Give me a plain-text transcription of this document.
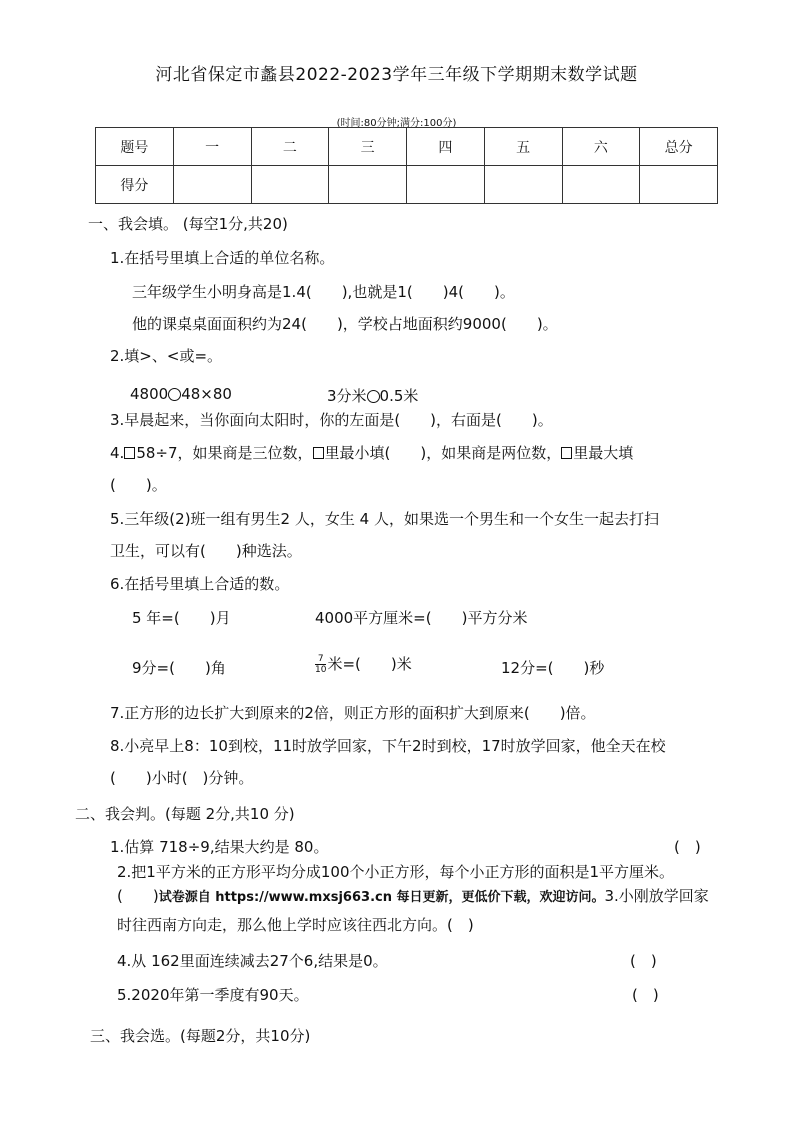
河北省保定市蠡县2022-2023学年三年级下学期期末数学试题
(时间:80分钟;满分:100分)
题号	一	二	三	四	五	六	总分
得分							
一、我会填。 (每空1分,共20)
1.在括号里填上合适的单位名称。
三年级学生小明身高是1.4(　　),也就是1(　　)4(　　)。
他的课桌桌面面积约为24(　　)，学校占地面积约9000(　　)。
2.填>、<或=。
4800 48×80	3分米 0.5米
3.早晨起来，当你面向太阳时，你的左面是(　　)，右面是(　　)。
4. 58÷7，如果商是三位数， 里最小填(　　)，如果商是两位数， 里最大填
(　　)。
5.三年级(2)班一组有男生2 人，女生 4 人，如果选一个男生和一个女生一起去打扫
卫生，可以有(　　)种选法。
6.在括号里填上合适的数。
5 年=(　　)月	4000平方厘米=(　　)平方分米
9分=(　　)角	$\frac{7}{10}$ 米=(　　)米	12分=(　　)秒
7.正方形的边长扩大到原来的2倍，则正方形的面积扩大到原来(　　)倍。
8.小亮早上8：10到校，11时放学回家，下午2时到校，17时放学回家，他全天在校
(　　)小时(　)分钟。
二、我会判。(每题 2分,共10 分)
1.估算 718÷9,结果大约是 80。	(　)
2.把1平方米的正方形平均分成100个小正方形，每个小正方形的面积是1平方厘米。
(　　)试卷源自 https://www.mxsj663.cn 每日更新，更低价下载，欢迎访问。3.小刚放学回家
时往西南方向走，那么他上学时应该往西北方向。(　)
4.从 162里面连续减去27个6,结果是0。	(　)
5.2020年第一季度有90天。	(　)
三、我会选。(每题2分，共10分)
